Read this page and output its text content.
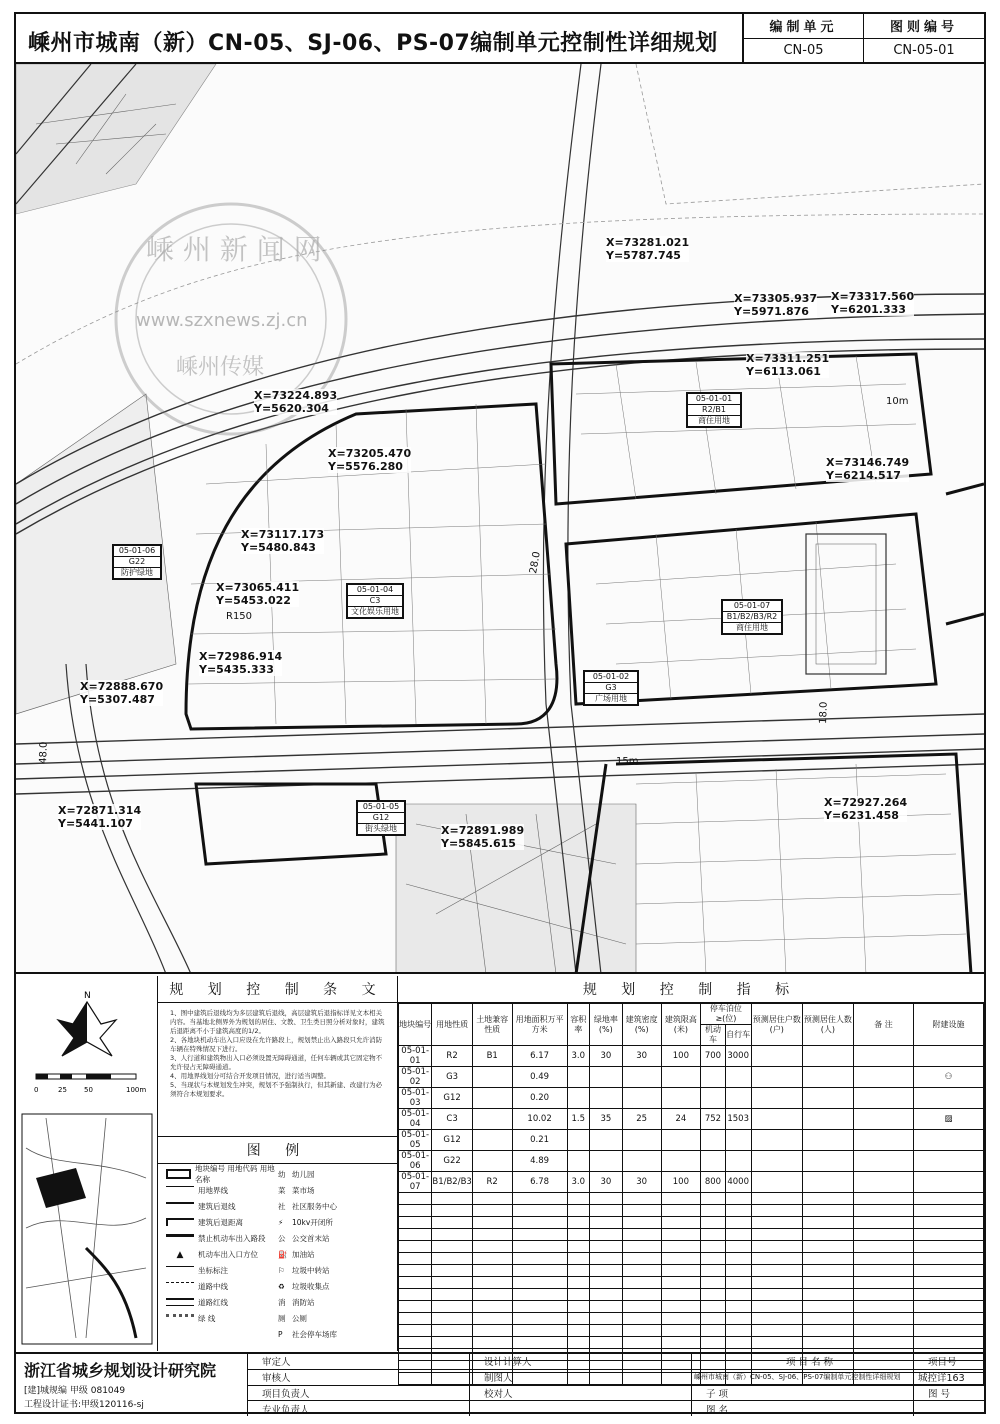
嵊州市城南（新）CN-05、SJ-06、PS-07编制单元控制性详细规划
编制单元
CN-05
图则编号
CN-05-01
嵊 州 新 闻 网
www.szxnews.zj.cn
嵊州传媒
28.0
48.0
18.0
10m
15m
R150
X=73281.021
Y=5787.745
X=73305.937
Y=5971.876
X=73317.560
Y=6201.333
X=73311.251
Y=6113.061
X=73224.893
Y=5620.304
X=73205.470
Y=5576.280	X=73146.749
Y=6214.517
X=73117.173
Y=5480.843
X=73065.411
Y=5453.022
X=72986.914
Y=5435.333
X=72888.670
Y=5307.487
X=72871.314
Y=5441.107
X=72891.989
Y=5845.615
X=72927.264
Y=6231.458
05-01-01
R2/B1
商住用地
05-01-02
G3
广场用地
05-01-04
C3
文化娱乐用地
05-01-05
G12
街头绿地
05-01-06
G22
防护绿地
05-01-07
B1/B2/B3/R2
商住用地
N
0	25 50	100m
规 划 控 制 条 文

1、图中建筑后退线均为多层建筑后退线，高层建筑后退指标详见文本相关内容。当基地北侧界外为规划的居住、文教、卫生类日照分析对象时，建筑后退距离不小于建筑高度的1/2。

2、各地块机动车出入口应设在允许路段上，规划禁止出入路段只允许消防车辆在特殊情况下进行。

3、人行道和建筑物出入口必须设置无障碍通道，任何车辆或其它固定物不允许侵占无障碍通道。

4、用地界线划分可结合开发项目情况，进行适当调整。

5、当现状与本规划发生冲突，规划不予强制执行，但其新建、改建行为必须符合本规划要求。

图 例
地块编号 用地代码 用地名称
用地界线
建筑后退线
建筑后退距离
禁止机动车出入路段
▲	机动车出入口方位
坐标标注
道路中线
道路红线
绿 线
幼 幼儿园
菜 菜市场
社 社区服务中心
⚡	10kv开闭所
公 公交首末站
⛽ 加油站
⚐ 垃圾中转站
♻ 垃圾收集点
消 消防站
厕 公厕
P	社会停车场库
规 划 控 制 指 标
地块编号	用地性质	土地兼容性质	用地面积万平方米	容积率	绿地率(%)	建筑密度(%)	建筑限高(米)	停车泊位≥(位)		预测居住户数(户)	预测居住人数(人)	备 注	附建设施
								机动车	自行车				
05-01-01	R2	B1	6.17	3.0	30	30	100	700	3000				
05-01-02	G3		0.49										⚇
05-01-03	G12		0.20										
05-01-04	C3		10.02	1.5	35	25	24	752	1503				▨
05-01-05	G12		0.21										
05-01-06	G22		4.89										
05-01-07	B1/B2/B3	R2	6.78	3.0	30	30	100	800	4000				

浙江省城乡规划设计研究院
[建]城规编 甲级 081049
工程设计证书:甲级120116-sj
审定人
审核人
项目负责人
专业负责人
设计计算人
制图人
校对人
项 目 名 称
嵊州市城南（新）CN-05、SJ-06、PS-07编制单元控制性详细规划
子 项
图 名
项目号
城控详163
图 号
